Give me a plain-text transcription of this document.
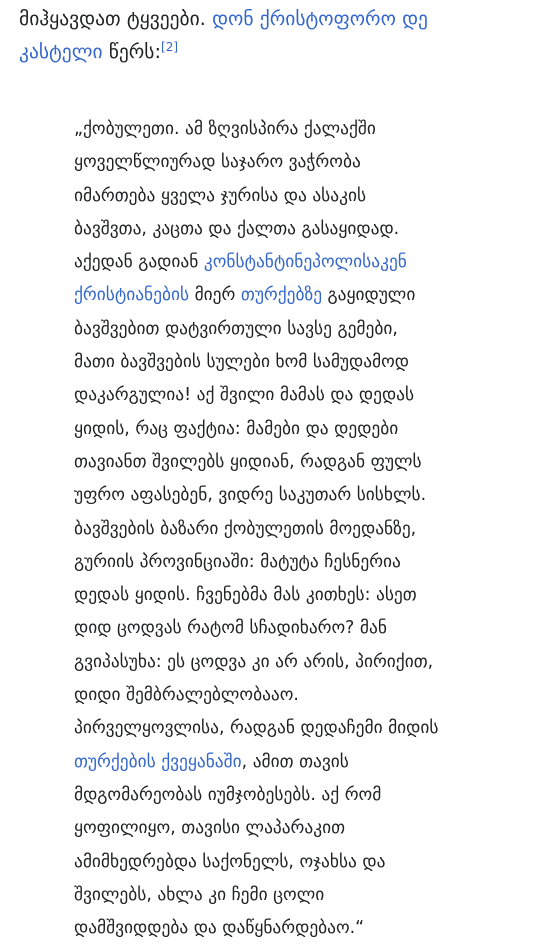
მიჰყავდათ ტყვეები. დონ ქრისტოფორო დე
კასტელი წერს:[2]
„ქობულეთი. ამ ზღვისპირა ქალაქში
ყოველწლიურად საჯარო ვაჭრობა
იმართება ყველა ჯურისა და ასაკის
ბავშვთა, კაცთა და ქალთა გასაყიდად.
აქედან გადიან კონსტანტინეპოლისაკენ
ქრისტიანების მიერ თურქებზე გაყიდული
ბავშვებით დატვირთული სავსე გემები,
მათი ბავშვების სულები ხომ სამუდამოდ
დაკარგულია! აქ შვილი მამას და დედას
ყიდის, რაც ფაქტია: მამები და დედები
თავიანთ შვილებს ყიდიან, რადგან ფულს
უფრო აფასებენ, ვიდრე საკუთარ სისხლს.
ბავშვების ბაზარი ქობულეთის მოედანზე,
გურიის პროვინციაში: მატუტა ჩესნერია
დედას ყიდის. ჩვენებმა მას კითხეს: ასეთ
დიდ ცოდვას რატომ სჩადიხარო? მან
გვიპასუხა: ეს ცოდვა კი არ არის, პირიქით,
დიდი შემბრალებლობააო.
პირველყოვლისა, რადგან დედაჩემი მიდის
თურქების ქვეყანაში, ამით თავის
მდგომარეობას იუმჯობესებს. აქ რომ
ყოფილიყო, თავისი ლაპარაკით
ამიმხედრებდა საქონელს, ოჯახსა და
შვილებს, ახლა კი ჩემი ცოლი
დამშვიდდება და დაწყნარდებაო.“
